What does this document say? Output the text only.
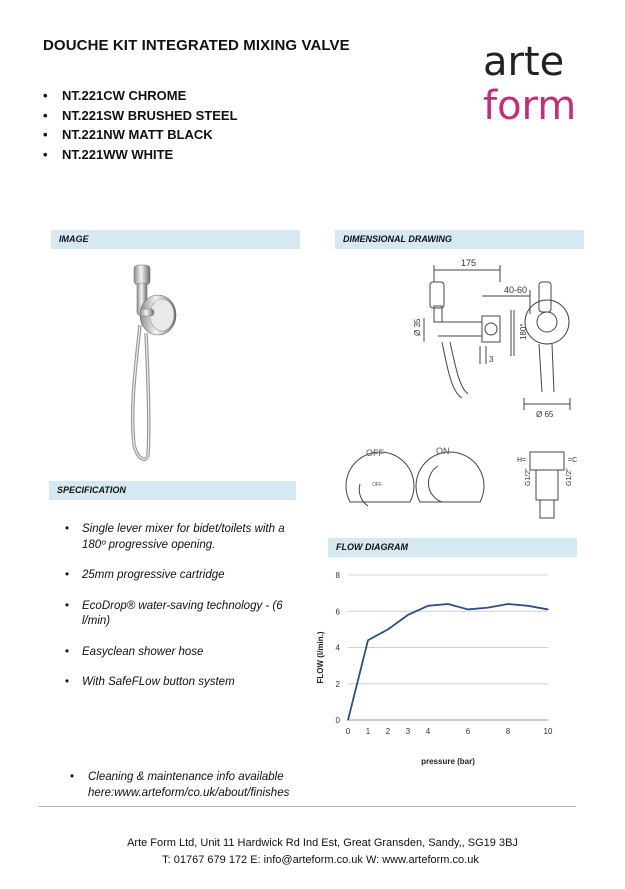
DOUCHE KIT INTEGRATED MIXING VALVE	arte
form
• NT.221CW CHROME
• NT.221SW BRUSHED STEEL
• NT.221NW MATT BLACK
• NT.221WW WHITE
IMAGE	DIMENSIONAL DRAWING
SPECIFICATION
FLOW DIAGRAM
175
40-60
Ø 35	180°
3
Ø 65
OFF	ON
OFF
H=	=C
G1/2"	G1/2"
• Single lever mixer for bidet/toilets with a 180º progressive opening.
• 25mm progressive cartridge
• EcoDrop® water-saving technology - (6 l/min)
• Easyclean shower hose
• With SafeFLow button system
0
2
4
6
8
0 1 2 3 4	6	8	10
pressure (bar)
FLOW (l/min.)
• Cleaning & maintenance info available here:www.arteform/co.uk/about/finishes
Arte Form Ltd, Unit 11 Hardwick Rd Ind Est, Great Gransden, Sandy,, SG19 3BJ
T: 01767 679 172 E: info@arteform.co.uk W: www.arteform.co.uk
